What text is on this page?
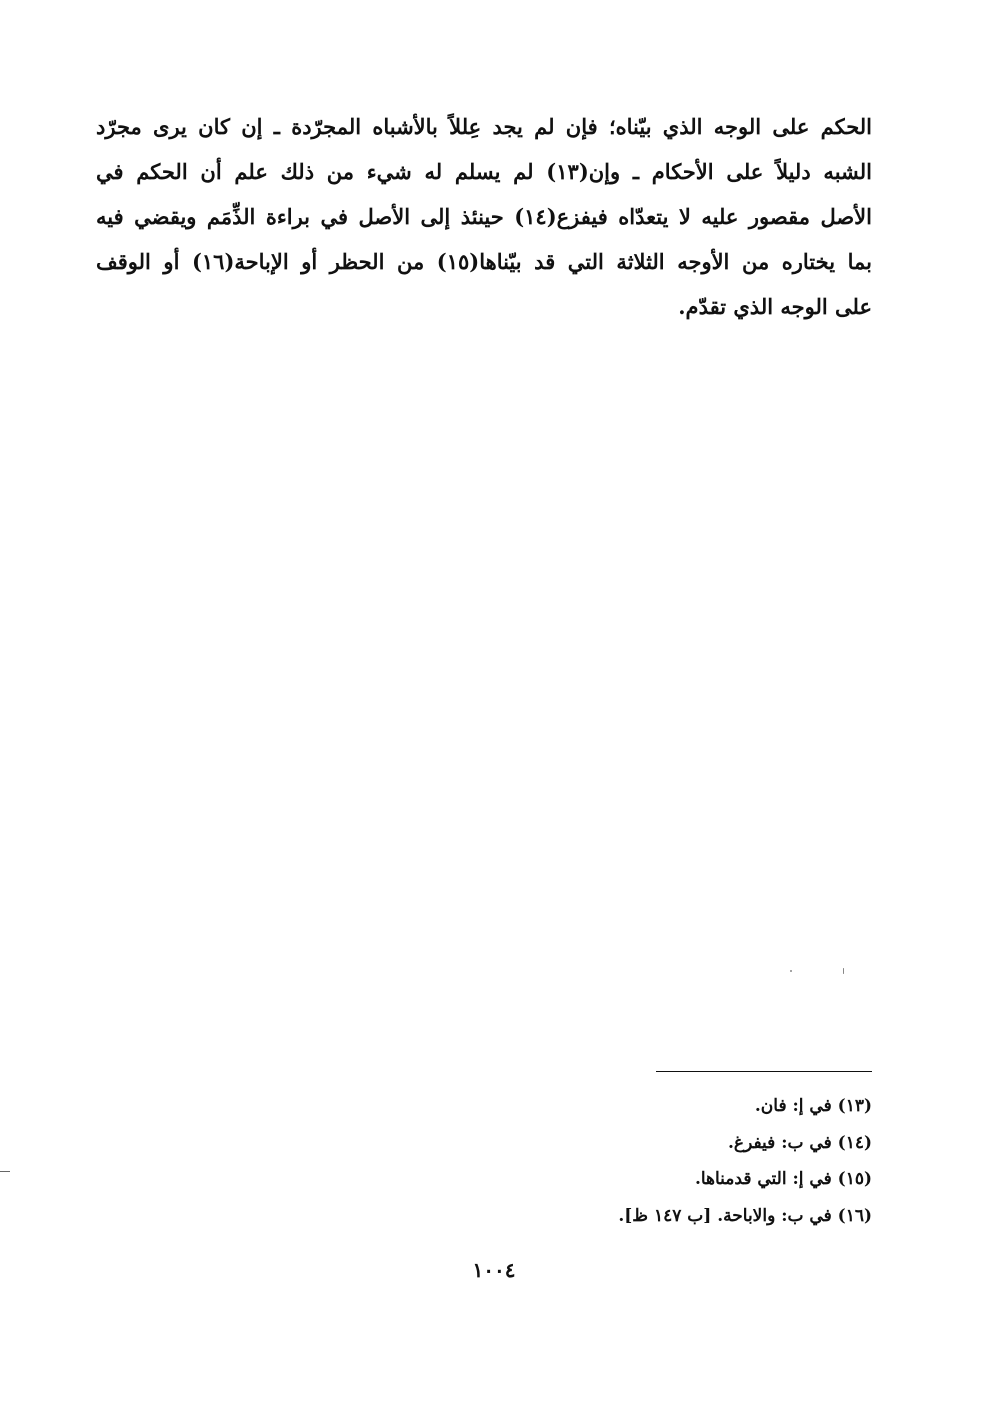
الحكم على الوجه الذي بيّناه؛ فإن لم يجد عِللاً بالأشباه المجرّدة ـ إن كان يرى مجرّد
الشبه دليلاً على الأحكام ـ وإن(١٣) لم يسلم له شيء من ذلك علم أن الحكم في
الأصل مقصور عليه لا يتعدّاه فيفزع(١٤) حينئذ إلى الأصل في براءة الذِّمَم ويقضي فيه
بما يختاره من الأوجه الثلاثة التي قد بيّناها(١٥) من الحظر أو الإباحة(١٦) أو الوقف
على الوجه الذي تقدّم.
(١٣) في إ: فان.
(١٤) في ب: فيفرغ.
(١٥) في إ: التي قدمناها.
(١٦) في ب: والاباحة. [ب ١٤٧ ظ].
١٠٠٤
